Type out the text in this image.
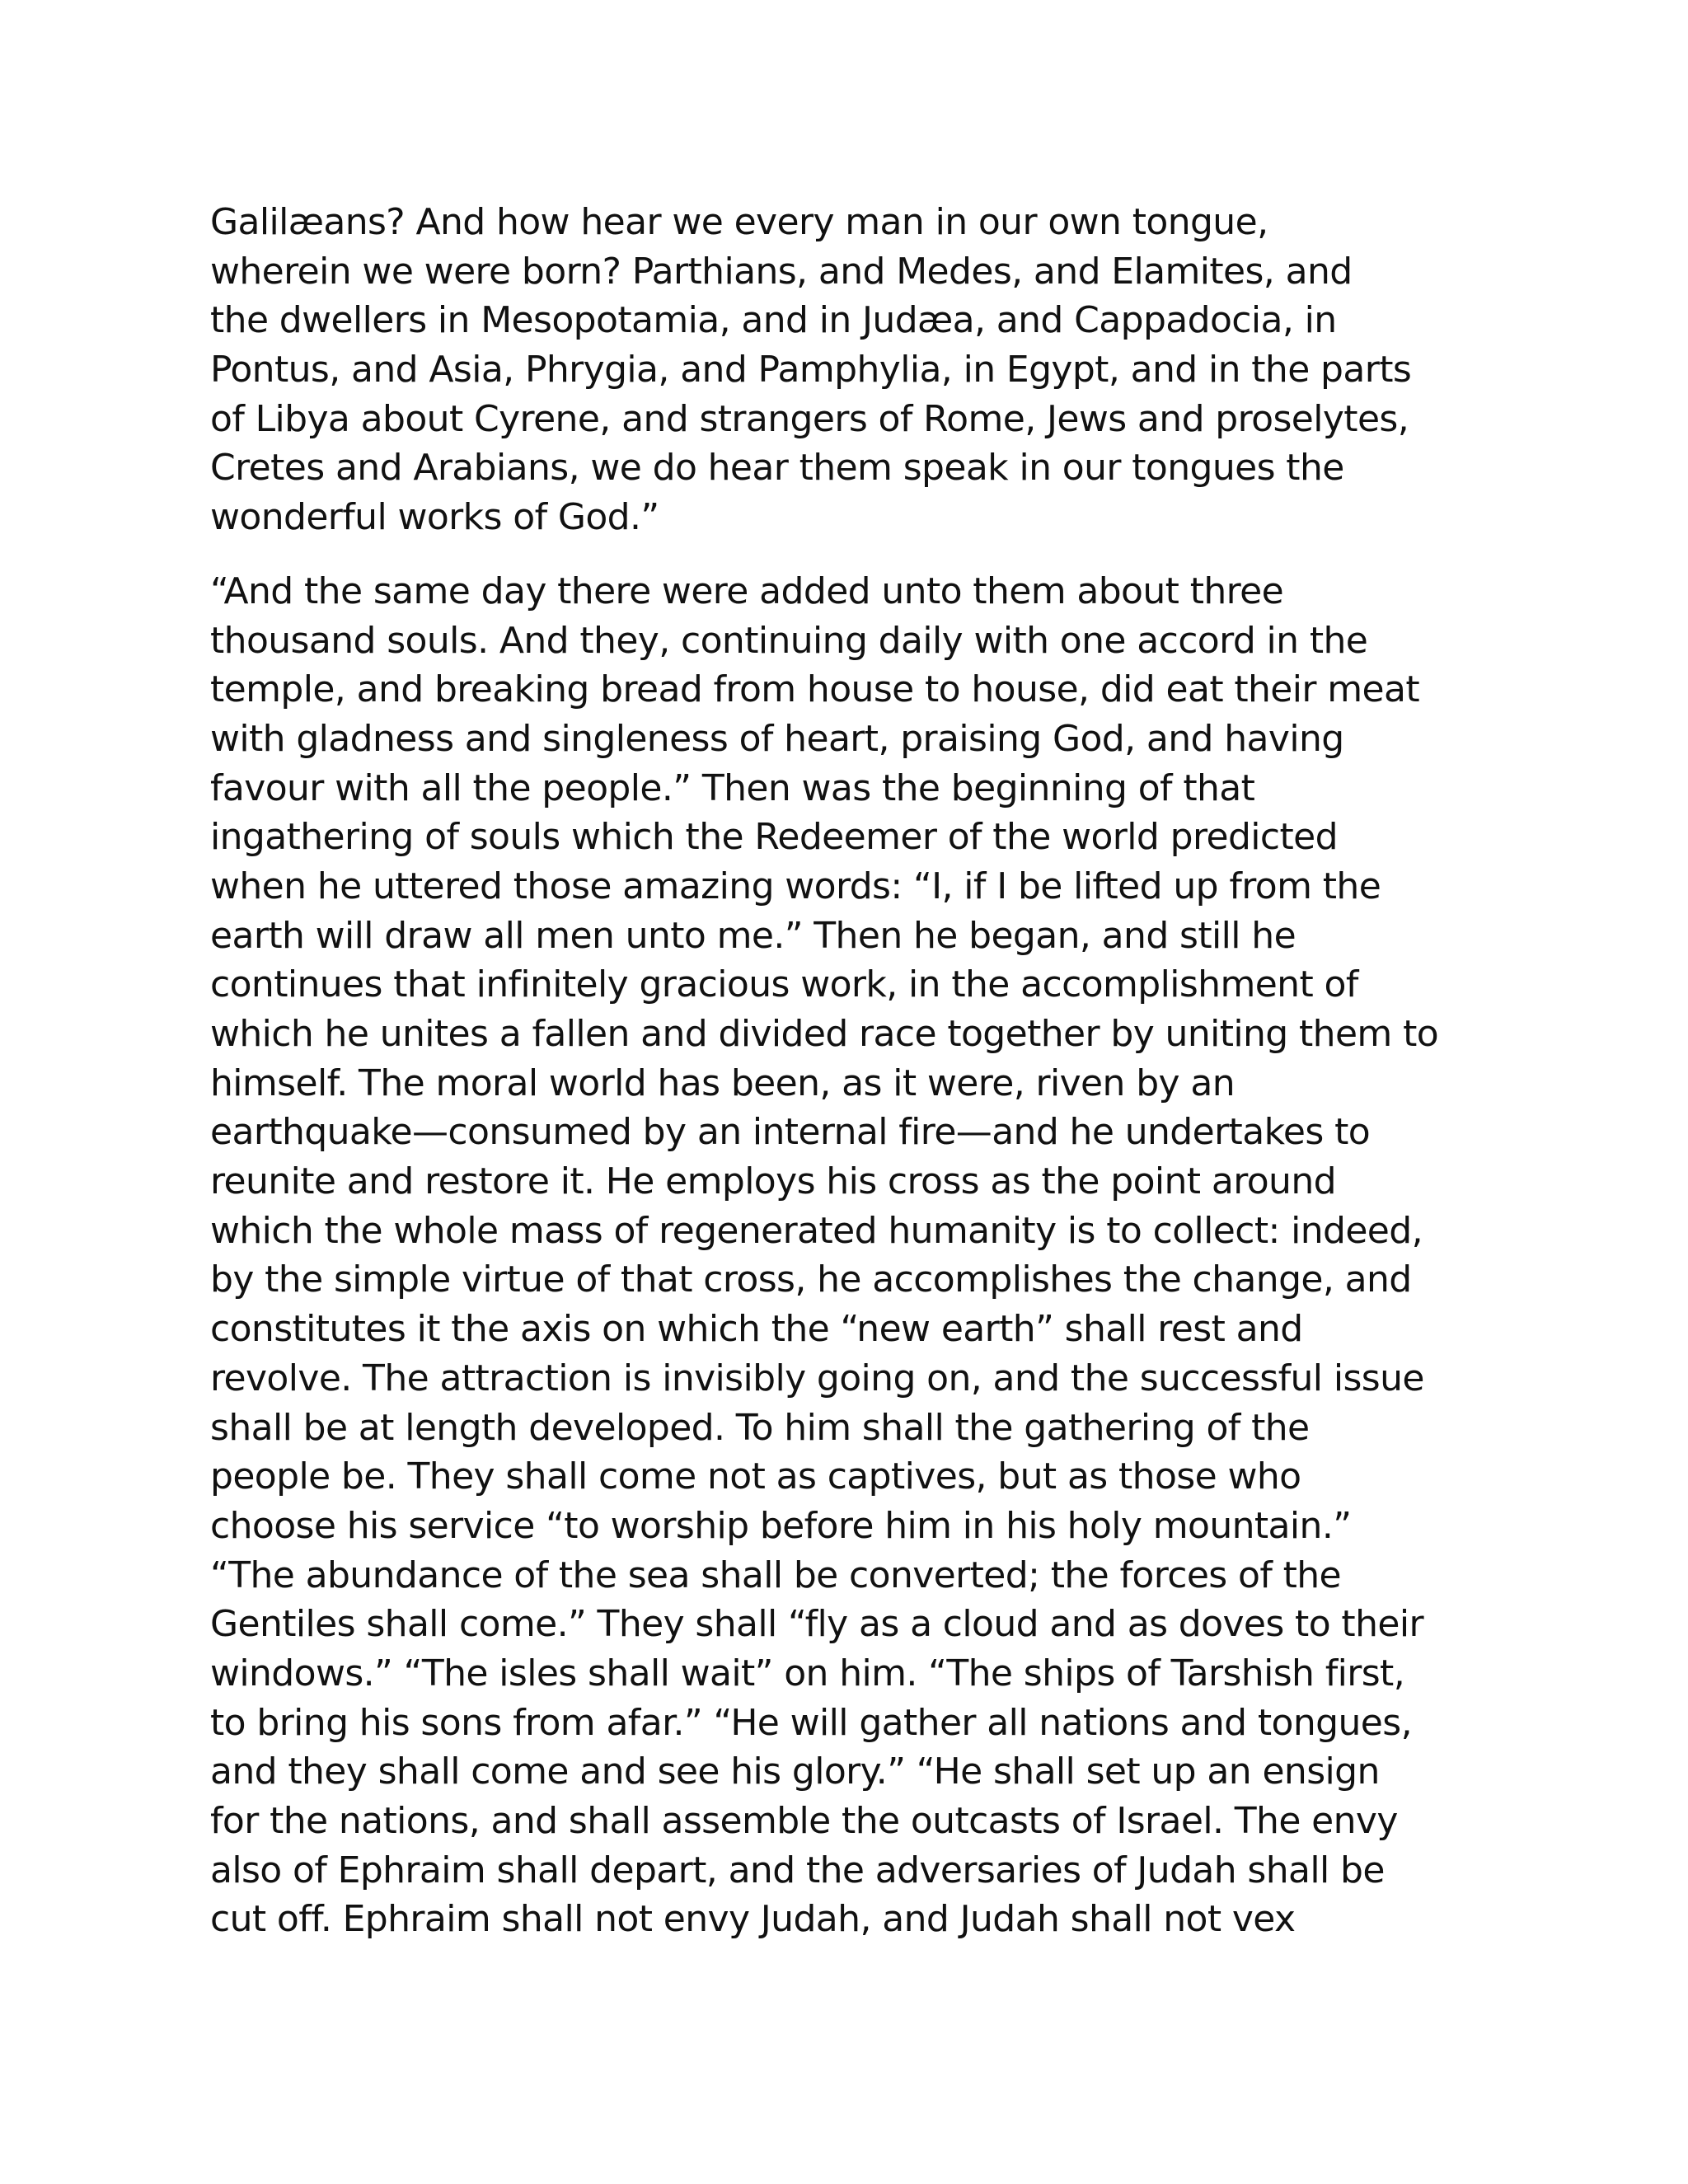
Galilæans? And how hear we every man in our own tongue,
wherein we were born? Parthians, and Medes, and Elamites, and
the dwellers in Mesopotamia, and in Judæa, and Cappadocia, in
Pontus, and Asia, Phrygia, and Pamphylia, in Egypt, and in the parts
of Libya about Cyrene, and strangers of Rome, Jews and proselytes,
Cretes and Arabians, we do hear them speak in our tongues the
wonderful works of God.”

“And the same day there were added unto them about three
thousand souls. And they, continuing daily with one accord in the
temple, and breaking bread from house to house, did eat their meat
with gladness and singleness of heart, praising God, and having
favour with all the people.” Then was the beginning of that
ingathering of souls which the Redeemer of the world predicted
when he uttered those amazing words: “I, if I be lifted up from the
earth will draw all men unto me.” Then he began, and still he
continues that infinitely gracious work, in the accomplishment of
which he unites a fallen and divided race together by uniting them to
himself. The moral world has been, as it were, riven by an
earthquake—consumed by an internal fire—and he undertakes to
reunite and restore it. He employs his cross as the point around
which the whole mass of regenerated humanity is to collect: indeed,
by the simple virtue of that cross, he accomplishes the change, and
constitutes it the axis on which the “new earth” shall rest and
revolve. The attraction is invisibly going on, and the successful issue
shall be at length developed. To him shall the gathering of the
people be. They shall come not as captives, but as those who
choose his service “to worship before him in his holy mountain.”
“The abundance of the sea shall be converted; the forces of the
Gentiles shall come.” They shall “fly as a cloud and as doves to their
windows.” “The isles shall wait” on him. “The ships of Tarshish first,
to bring his sons from afar.” “He will gather all nations and tongues,
and they shall come and see his glory.” “He shall set up an ensign
for the nations, and shall assemble the outcasts of Israel. The envy
also of Ephraim shall depart, and the adversaries of Judah shall be
cut off. Ephraim shall not envy Judah, and Judah shall not vex
